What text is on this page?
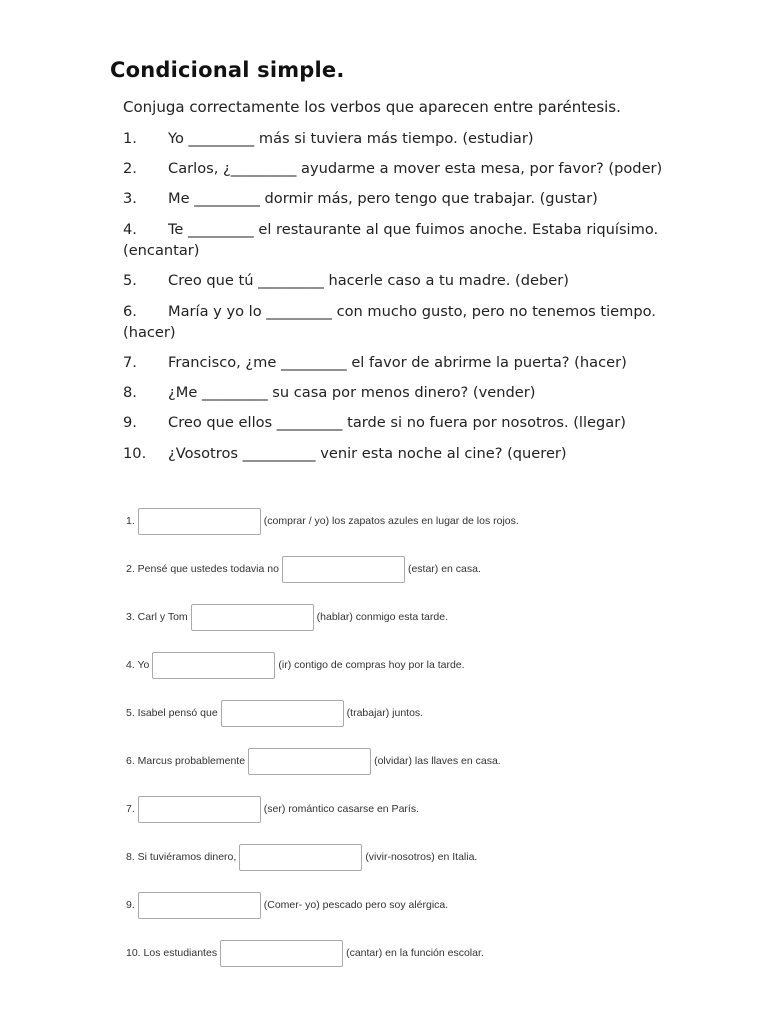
Condicional simple.
Conjuga correctamente los verbos que aparecen entre paréntesis.
1. Yo _________ más si tuviera más tiempo. (estudiar)
2. Carlos, ¿_________ ayudarme a mover esta mesa, por favor? (poder)
3. Me _________ dormir más, pero tengo que trabajar. (gustar)
4. Te _________ el restaurante al que fuimos anoche. Estaba riquísimo.
(encantar)
5. Creo que tú _________ hacerle caso a tu madre. (deber)
6. María y yo lo _________ con mucho gusto, pero no tenemos tiempo.
(hacer)
7. Francisco, ¿me _________ el favor de abrirme la puerta? (hacer)
8. ¿Me _________ su casa por menos dinero? (vender)
9. Creo que ellos _________ tarde si no fuera por nosotros. (llegar)
10. ¿Vosotros __________ venir esta noche al cine? (querer)
1.	(comprar / yo) los zapatos azules en lugar de los rojos.
2. Pensé que ustedes todavia no	(estar) en casa.
3. Carl y Tom	(hablar) conmigo esta tarde.
4. Yo	(ir) contigo de compras hoy por la tarde.
5. Isabel pensó que	(trabajar) juntos.
6. Marcus probablemente	(olvidar) las llaves en casa.
7.	(ser) romántico casarse en París.
8. Si tuviéramos dinero,	(vivir-nosotros) en Italia.
9.	(Comer- yo) pescado pero soy alérgica.
10. Los estudiantes	(cantar) en la función escolar.
